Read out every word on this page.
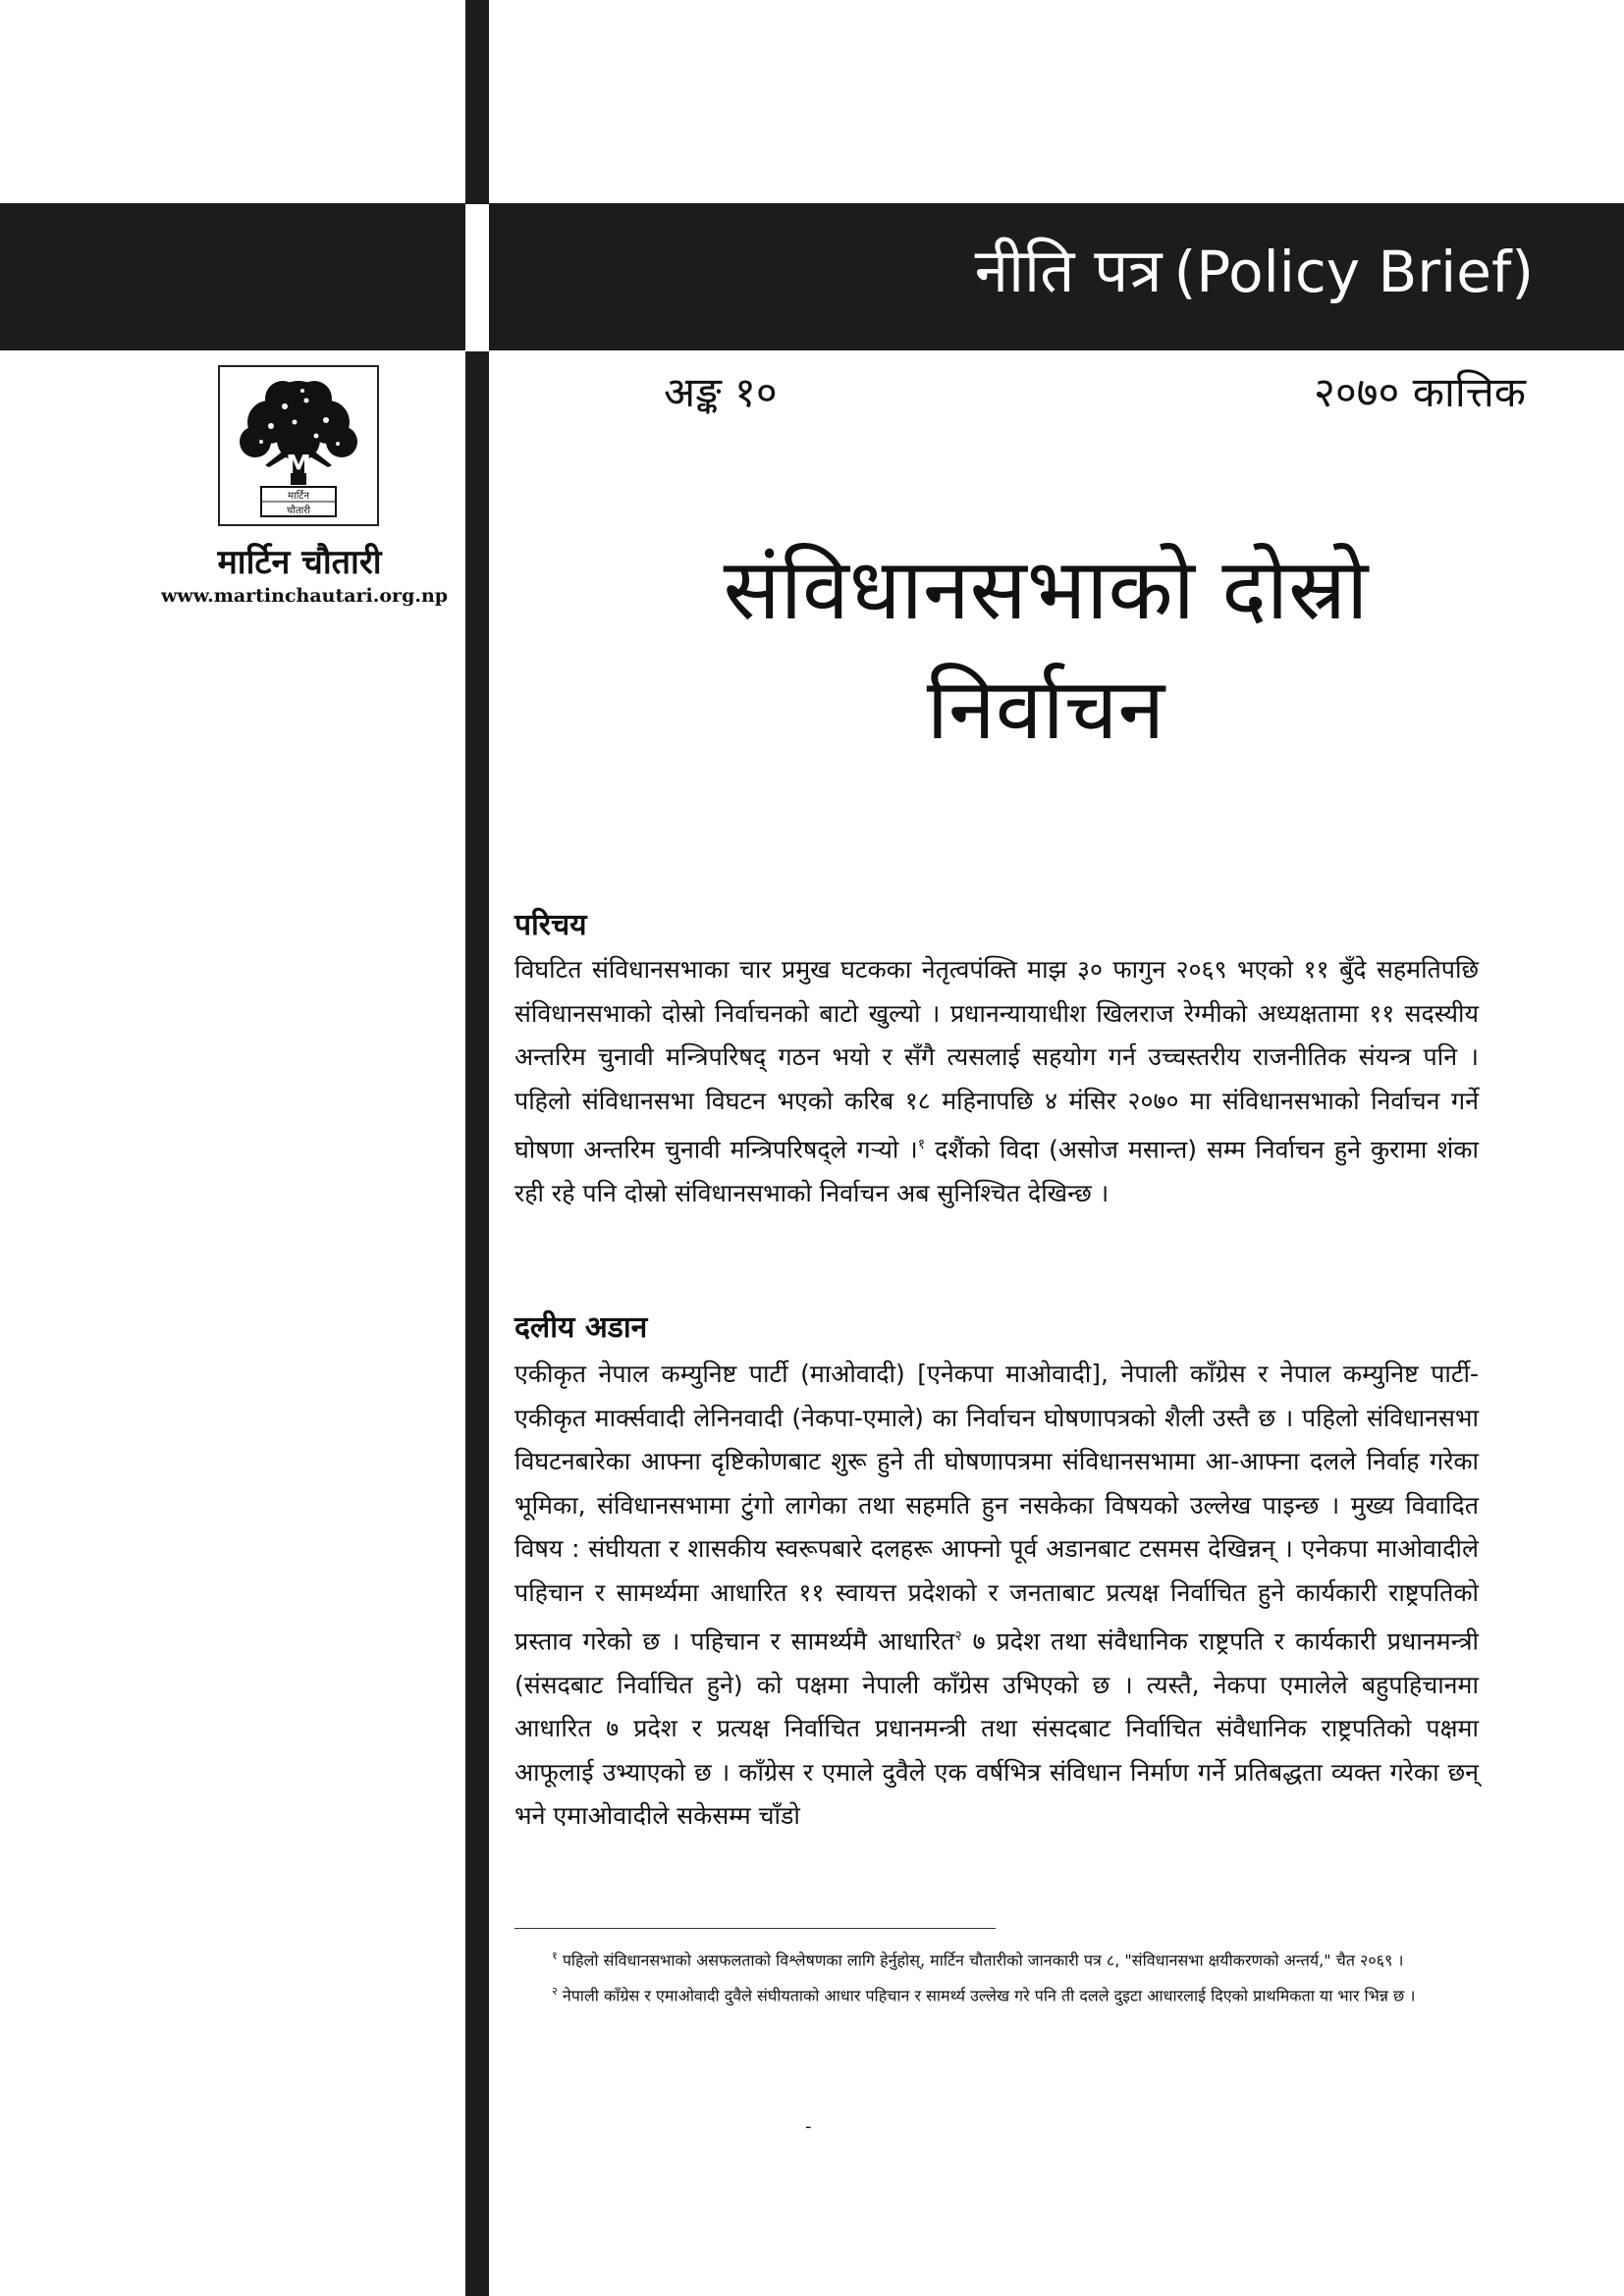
नीति पत्र (Policy Brief)
अङ्क १०	२०७० कात्तिक
M
मार्टिन
चौतारी
मार्टिन चौतारी
www.martinchautari.org.np	संविधानसभाको दोस्रो
निर्वाचन
परिचय

विघटित संविधानसभाका चार प्रमुख घटकका नेतृत्वपंक्ति माझ ३० फागुन २०६९ भएको ११ बुँदे सहमतिपछि संविधानसभाको दोस्रो निर्वाचनको बाटो खुल्यो । प्रधानन्यायाधीश खिलराज रेग्मीको अध्यक्षतामा ११ सदस्यीय अन्तरिम चुनावी मन्त्रिपरिषद् गठन भयो र सँगै त्यसलाई सहयोग गर्न उच्चस्तरीय राजनीतिक संयन्त्र पनि । पहिलो संविधानसभा विघटन भएको करिब १८ महिनापछि ४ मंसिर २०७० मा संविधानसभाको निर्वाचन गर्ने घोषणा अन्तरिम चुनावी मन्त्रिपरिषद्ले गर्‍यो ।$^१$ दशैंको विदा (असोज मसान्त) सम्म निर्वाचन हुने कुरामा शंका रही रहे पनि दोस्रो संविधानसभाको निर्वाचन अब सुनिश्चित देखिन्छ ।

दलीय अडान

एकीकृत नेपाल कम्युनिष्ट पार्टी (माओवादी) [एनेकपा माओवादी], नेपाली काँग्रेस र नेपाल कम्युनिष्ट पार्टी-एकीकृत मार्क्सवादी लेनिनवादी (नेकपा-एमाले) का निर्वाचन घोषणापत्रको शैली उस्तै छ । पहिलो संविधानसभा विघटनबारेका आफ्ना दृष्टिकोणबाट शुरू हुने ती घोषणापत्रमा संविधानसभामा आ-आफ्ना दलले निर्वाह गरेका भूमिका, संविधानसभामा टुंगो लागेका तथा सहमति हुन नसकेका विषयको उल्लेख पाइन्छ । मुख्य विवादित विषय : संघीयता र शासकीय स्वरूपबारे दलहरू आफ्नो पूर्व अडानबाट टसमस देखिन्नन् । एनेकपा माओवादीले पहिचान र सामर्थ्यमा आधारित ११ स्वायत्त प्रदेशको र जनताबाट प्रत्यक्ष निर्वाचित हुने कार्यकारी राष्ट्रपतिको प्रस्ताव गरेको छ । पहिचान र सामर्थ्यमै आधारित$^२$ ७ प्रदेश तथा संवैधानिक राष्ट्रपति र कार्यकारी प्रधानमन्त्री (संसदबाट निर्वाचित हुने) को पक्षमा नेपाली काँग्रेस उभिएको छ । त्यस्तै, नेकपा एमालेले बहुपहिचानमा आधारित ७ प्रदेश र प्रत्यक्ष निर्वाचित प्रधानमन्त्री तथा संसदबाट निर्वाचित संवैधानिक राष्ट्रपतिको पक्षमा आफूलाई उभ्याएको छ । काँग्रेस र एमाले दुवैले एक वर्षभित्र संविधान निर्माण गर्ने प्रतिबद्धता व्यक्त गरेका छन् भने एमाओवादीले सकेसम्म चाँडो

$^१$ पहिलो संविधानसभाको असफलताको विश्लेषणका लागि हेर्नुहोस्, मार्टिन चौतारीको जानकारी पत्र ८, "संविधानसभा क्षयीकरणको अन्तर्य," चैत २०६९ ।

$^२$ नेपाली काँग्रेस र एमाओवादी दुवैले संघीयताको आधार पहिचान र सामर्थ्य उल्लेख गरे पनि ती दलले दुइटा आधारलाई दिएको प्राथमिकता या भार भिन्न छ ।

-
